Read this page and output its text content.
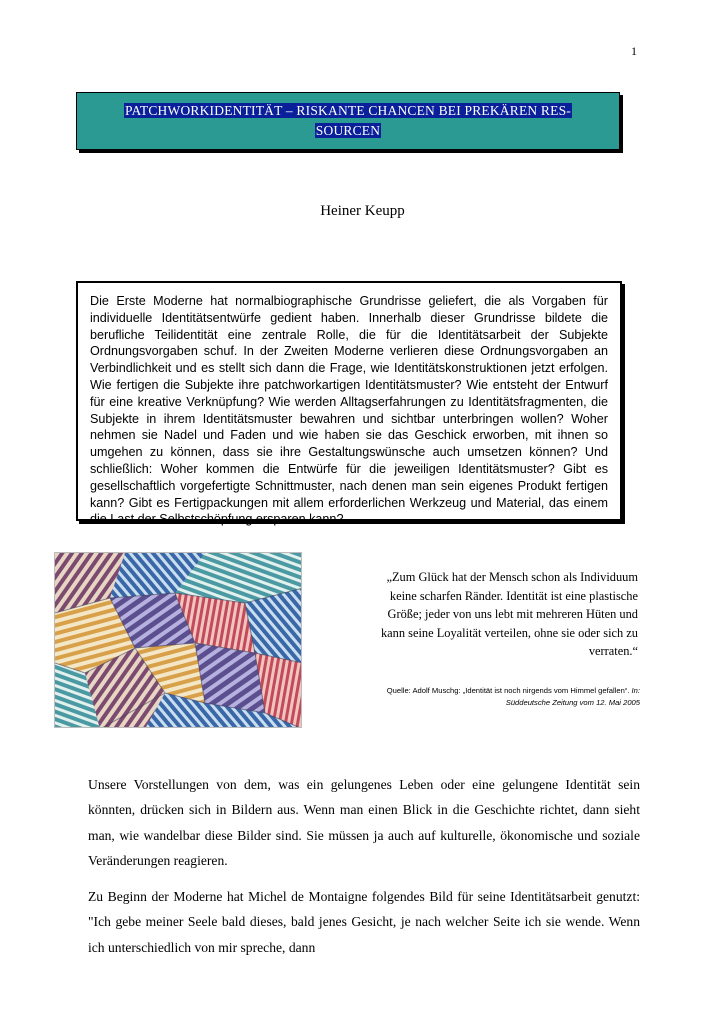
1
PATCHWORKIDENTITÄT – RISKANTE CHANCEN BEI PREKÄREN RES-
SOURCEN
Heiner Keupp
Die Erste Moderne hat normalbiographische Grundrisse geliefert, die als Vorgaben für individuelle Identitätsentwürfe gedient haben. Innerhalb dieser Grundrisse bildete die berufliche Teilidentität eine zentrale Rolle, die für die Identitätsarbeit der Subjekte Ordnungsvorgaben schuf. In der Zweiten Moderne verlieren diese Ordnungsvorgaben an Verbindlichkeit und es stellt sich dann die Frage, wie Identitätskonstruktionen jetzt erfolgen. Wie fertigen die Subjekte ihre patchworkartigen Identitätsmuster? Wie entsteht der Entwurf für eine kreative Verknüpfung? Wie werden Alltagserfahrungen zu Identitätsfragmenten, die Subjekte in ihrem Identitätsmuster bewahren und sichtbar unterbringen wollen? Woher nehmen sie Nadel und Faden und wie haben sie das Geschick erworben, mit ihnen so umgehen zu können, dass sie ihre Gestaltungswünsche auch umsetzen können? Und schließlich: Woher kommen die Entwürfe für die jeweiligen Identitätsmuster? Gibt es gesellschaftlich vorgefertigte Schnittmuster, nach denen man sein eigenes Produkt fertigen kann? Gibt es Fertigpackungen mit allem erforderlichen Werkzeug und Material, das einem die Last der Selbstschöpfung ersparen kann?
„Zum Glück hat der Mensch schon als Individuum keine scharfen Ränder. Identität ist eine plastische Größe; jeder von uns lebt mit mehreren Hüten und kann seine Loyalität verteilen, ohne sie oder sich zu verraten.“
Quelle: Adolf Muschg: „Identität ist noch nirgends vom Himmel gefallen“. In: Süddeutsche Zeitung vom 12. Mai 2005
Unsere Vorstellungen von dem, was ein gelungenes Leben oder eine gelungene Identität sein könnten, drücken sich in Bildern aus. Wenn man einen Blick in die Geschichte richtet, dann sieht man, wie wandelbar diese Bilder sind. Sie müssen ja auch auf kulturelle, ökonomische und soziale Veränderungen reagieren.
Zu Beginn der Moderne hat Michel de Montaigne folgendes Bild für seine Identitätsarbeit genutzt: "Ich gebe meiner Seele bald dieses, bald jenes Gesicht, je nach welcher Seite ich sie wende. Wenn ich unterschiedlich von mir spreche, dann
